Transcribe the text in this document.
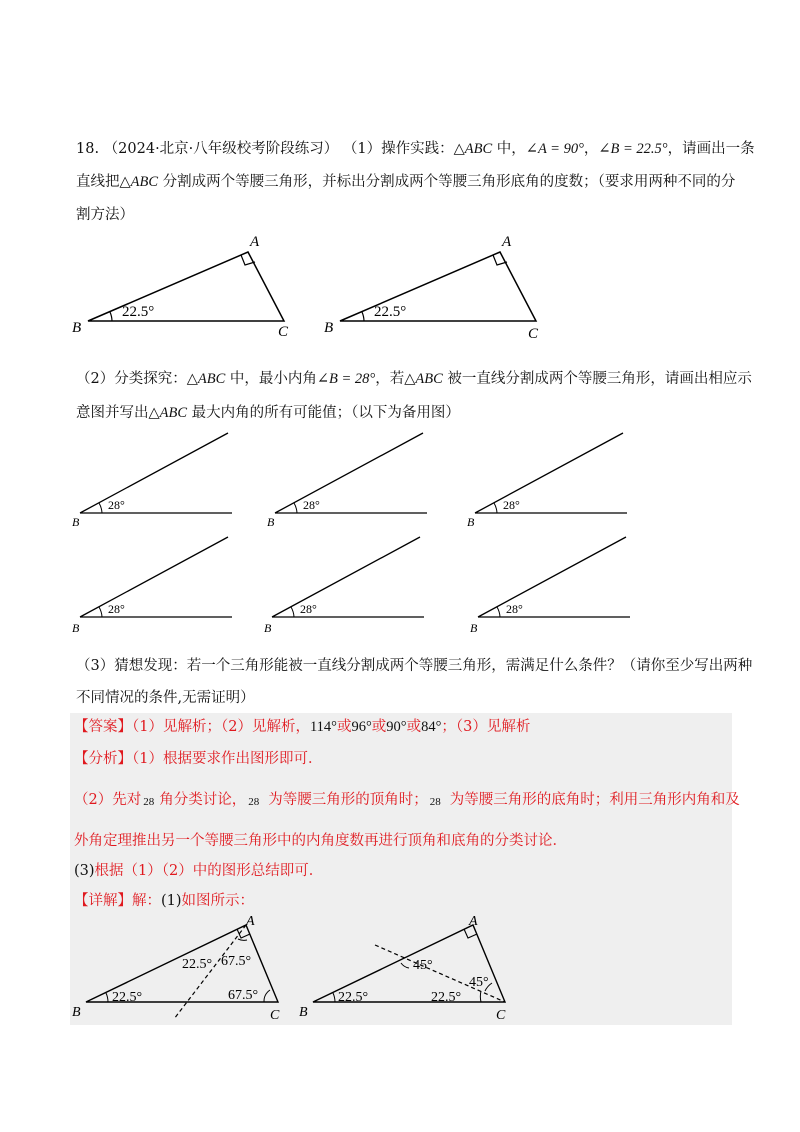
18. （2024·北京·八年级校考阶段练习） （1）操作实践：△ABC 中，∠A = 90°，∠B = 22.5°，请画出一条
直线把△ABC 分割成两个等腰三角形，并标出分割成两个等腰三角形底角的度数；（要求用两种不同的分
割方法）
A
B	C
22.5°
A
B	C
22.5°
（2）分类探究：△ABC 中，最小内角∠B = 28°，若△ABC 被一直线分割成两个等腰三角形，请画出相应示
意图并写出△ABC 最大内角的所有可能值；（以下为备用图）
B
28°
B
28°
B
28°
B
28°
B
28°
B
28°
（3）猜想发现：若一个三角形能被一直线分割成两个等腰三角形，需满足什么条件？（请你至少写出两种
不同情况的条件,无需证明）
【答案】（1）见解析；（2）见解析，114°或96°或90°或84°；（3）见解析
【分析】（1）根据要求作出图形即可．
（2）先对 28 角分类讨论， 28 为等腰三角形的顶角时； 28 为等腰三角形的底角时；利用三角形内角和及
外角定理推出另一个等腰三角形中的内角度数再进行顶角和底角的分类讨论．
(3)根据（1）（2）中的图形总结即可．
【详解】解：(1)如图所示：
A
B	C
22.5°
22.5° 67.5°
67.5°
A
B	C
22.5°	22.5°
45°
45°
